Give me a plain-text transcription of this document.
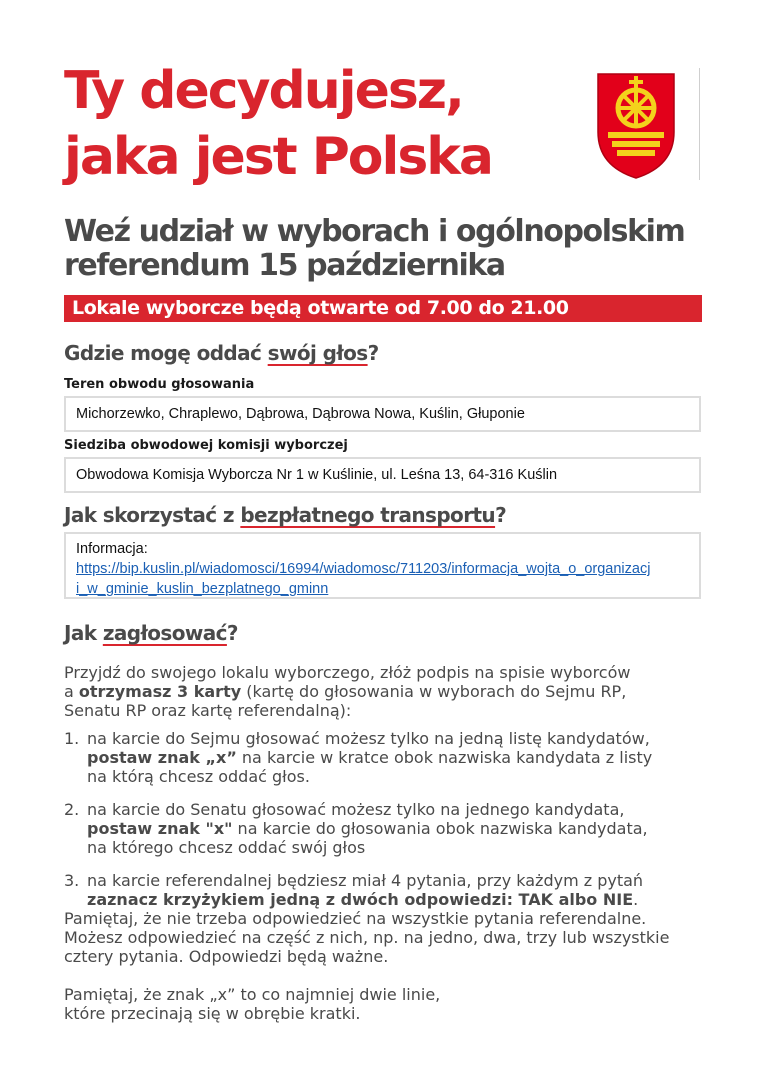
Ty decydujesz,
jaka jest Polska
Weź udział w wyborach i ogólnopolskim
referendum 15 października
Lokale wyborcze będą otwarte od 7.00 do 21.00
Gdzie mogę oddać swój głos?

Teren obwodu głosowania

Michorzewko, Chraplewo, Dąbrowa, Dąbrowa Nowa, Kuślin, Głuponie

Siedziba obwodowej komisji wyborczej

Obwodowa Komisja Wyborcza Nr 1 w Kuślinie, ul. Leśna 13, 64-316 Kuślin
Jak skorzystać z bezpłatnego transportu?
Informacja:
https://bip.kuslin.pl/wiadomosci/16994/wiadomosc/711203/informacja_wojta_o_organizacj
i_w_gminie_kuslin_bezplatnego_gminn
Jak zagłosować?

Przyjdź do swojego lokalu wyborczego, złóż podpis na spisie wyborców
a otrzymasz 3 karty (kartę do głosowania w wyborach do Sejmu RP,
Senatu RP oraz kartę referendalną):

1. na karcie do Sejmu głosować możesz tylko na jedną listę kandydatów,
postaw znak „x” na karcie w kratce obok nazwiska kandydata z listy
na którą chcesz oddać głos.
2. na karcie do Senatu głosować możesz tylko na jednego kandydata,
postaw znak "x" na karcie do głosowania obok nazwiska kandydata,
na którego chcesz oddać swój głos
3. na karcie referendalnej będziesz miał 4 pytania, przy każdym z pytań
zaznacz krzyżykiem jedną z dwóch odpowiedzi: TAK albo NIE.

Pamiętaj, że nie trzeba odpowiedzieć na wszystkie pytania referendalne.
Możesz odpowiedzieć na część z nich, np. na jedno, dwa, trzy lub wszystkie
cztery pytania. Odpowiedzi będą ważne.

Pamiętaj, że znak „x” to co najmniej dwie linie,
które przecinają się w obrębie kratki.
